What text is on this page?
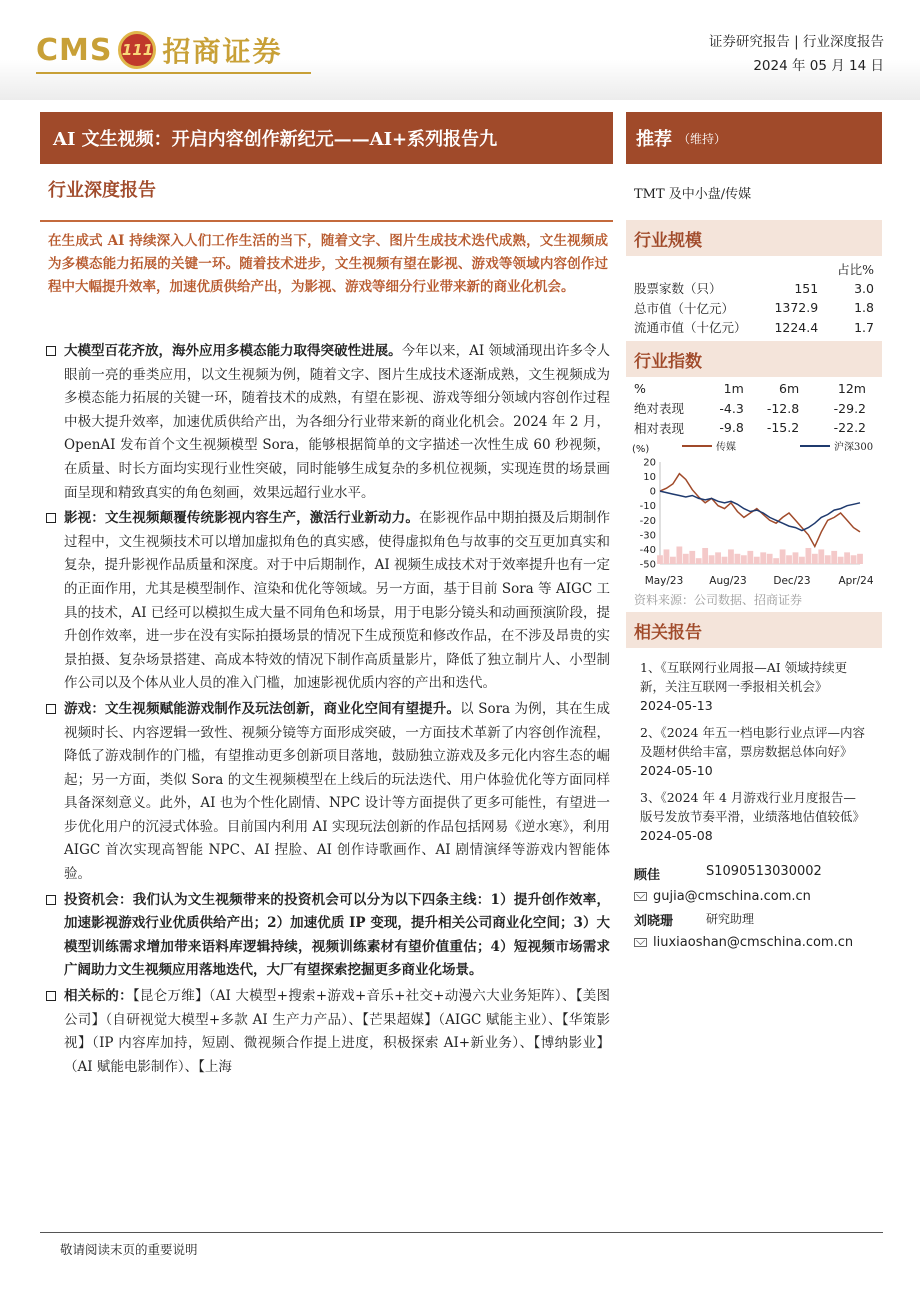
CMS 111 招商证券	证券研究报告 | 行业深度报告
2024 年 05 月 14 日
AI 文生视频：开启内容创作新纪元——AI+系列报告九	推荐 （维持）
行业深度报告
在生成式 AI 持续深入人们工作生活的当下，随着文字、图片生成技术迭代成熟，文生视频成为多模态能力拓展的关键一环。随着技术进步，文生视频有望在影视、游戏等领域内容创作过程中大幅提升效率，加速优质供给产出，为影视、游戏等细分行业带来新的商业化机会。
大模型百花齐放，海外应用多模态能力取得突破性进展。今年以来，AI 领域涌现出许多令人眼前一亮的垂类应用，以文生视频为例，随着文字、图片生成技术逐渐成熟，文生视频成为多模态能力拓展的关键一环，随着技术的成熟，有望在影视、游戏等细分领域内容创作过程中极大提升效率，加速优质供给产出，为各细分行业带来新的商业化机会。2024 年 2 月，OpenAI 发布首个文生视频模型 Sora，能够根据简单的文字描述一次性生成 60 秒视频，在质量、时长方面均实现行业性突破，同时能够生成复杂的多机位视频，实现连贯的场景画面呈现和精致真实的角色刻画，效果远超行业水平。
影视：文生视频颠覆传统影视内容生产，激活行业新动力。在影视作品中期拍摄及后期制作过程中，文生视频技术可以增加虚拟角色的真实感，使得虚拟角色与故事的交互更加真实和复杂，提升影视作品质量和深度。对于中后期制作，AI 视频生成技术对于效率提升也有一定的正面作用，尤其是模型制作、渲染和优化等领域。另一方面，基于目前 Sora 等 AIGC 工具的技术，AI 已经可以模拟生成大量不同角色和场景，用于电影分镜头和动画预演阶段，提升创作效率，进一步在没有实际拍摄场景的情况下生成预览和修改作品，在不涉及昂贵的实景拍摄、复杂场景搭建、高成本特效的情况下制作高质量影片，降低了独立制片人、小型制作公司以及个体从业人员的准入门槛，加速影视优质内容的产出和迭代。
游戏：文生视频赋能游戏制作及玩法创新，商业化空间有望提升。以 Sora 为例，其在生成视频时长、内容逻辑一致性、视频分镜等方面形成突破，一方面技术革新了内容创作流程，降低了游戏制作的门槛，有望推动更多创新项目落地，鼓励独立游戏及多元化内容生态的崛起；另一方面，类似 Sora 的文生视频模型在上线后的玩法迭代、用户体验优化等方面同样具备深刻意义。此外，AI 也为个性化剧情、NPC 设计等方面提供了更多可能性，有望进一步优化用户的沉浸式体验。目前国内利用 AI 实现玩法创新的作品包括网易《逆水寒》，利用 AIGC 首次实现高智能 NPC、AI 捏脸、AI 创作诗歌画作、AI 剧情演绎等游戏内智能体验。
投资机会：我们认为文生视频带来的投资机会可以分为以下四条主线：1）提升创作效率，加速影视游戏行业优质供给产出；2）加速优质 IP 变现，提升相关公司商业化空间；3）大模型训练需求增加带来语料库逻辑持续，视频训练素材有望价值重估；4）短视频市场需求广阔助力文生视频应用落地迭代，大厂有望探索挖掘更多商业化场景。
相关标的：【昆仑万维】（AI 大模型+搜索+游戏+音乐+社交+动漫六大业务矩阵）、【美图公司】（自研视觉大模型+多款 AI 生产力产品）、【芒果超媒】（AIGC 赋能主业）、【华策影视】（IP 内容库加持，短剧、微视频合作提上进度，积极探索 AI+新业务）、【博纳影业】（AI 赋能电影制作）、【上海
敬请阅读末页的重要说明
TMT 及中小盘/传媒
行业规模
		占比%
股票家数（只）	151	3.0
总市值（十亿元）	1372.9	1.8
流通市值（十亿元）	1224.4	1.7
行业指数
%	1m	6m	12m
绝对表现	-4.3	-12.8	-29.2
相对表现	-9.8	-15.2	-22.2
(%)	传媒	沪深300
20
10
0
-10
-20
-30
-40
-50
May/23 Aug/23	Dec/23	Apr/24
资料来源：公司数据、招商证券
相关报告
1、《互联网行业周报—AI 领域持续更新，关注互联网一季报相关机会》
2024-05-13
2、《2024 年五一档电影行业点评—内容及题材供给丰富，票房数据总体向好》
2024-05-10
3、《2024 年 4 月游戏行业月度报告—版号发放节奏平滑，业绩落地估值较低》
2024-05-08
顾佳	S1090513030002
gujia@cmschina.com.cn
刘晓珊	研究助理
liuxiaoshan@cmschina.com.cn
